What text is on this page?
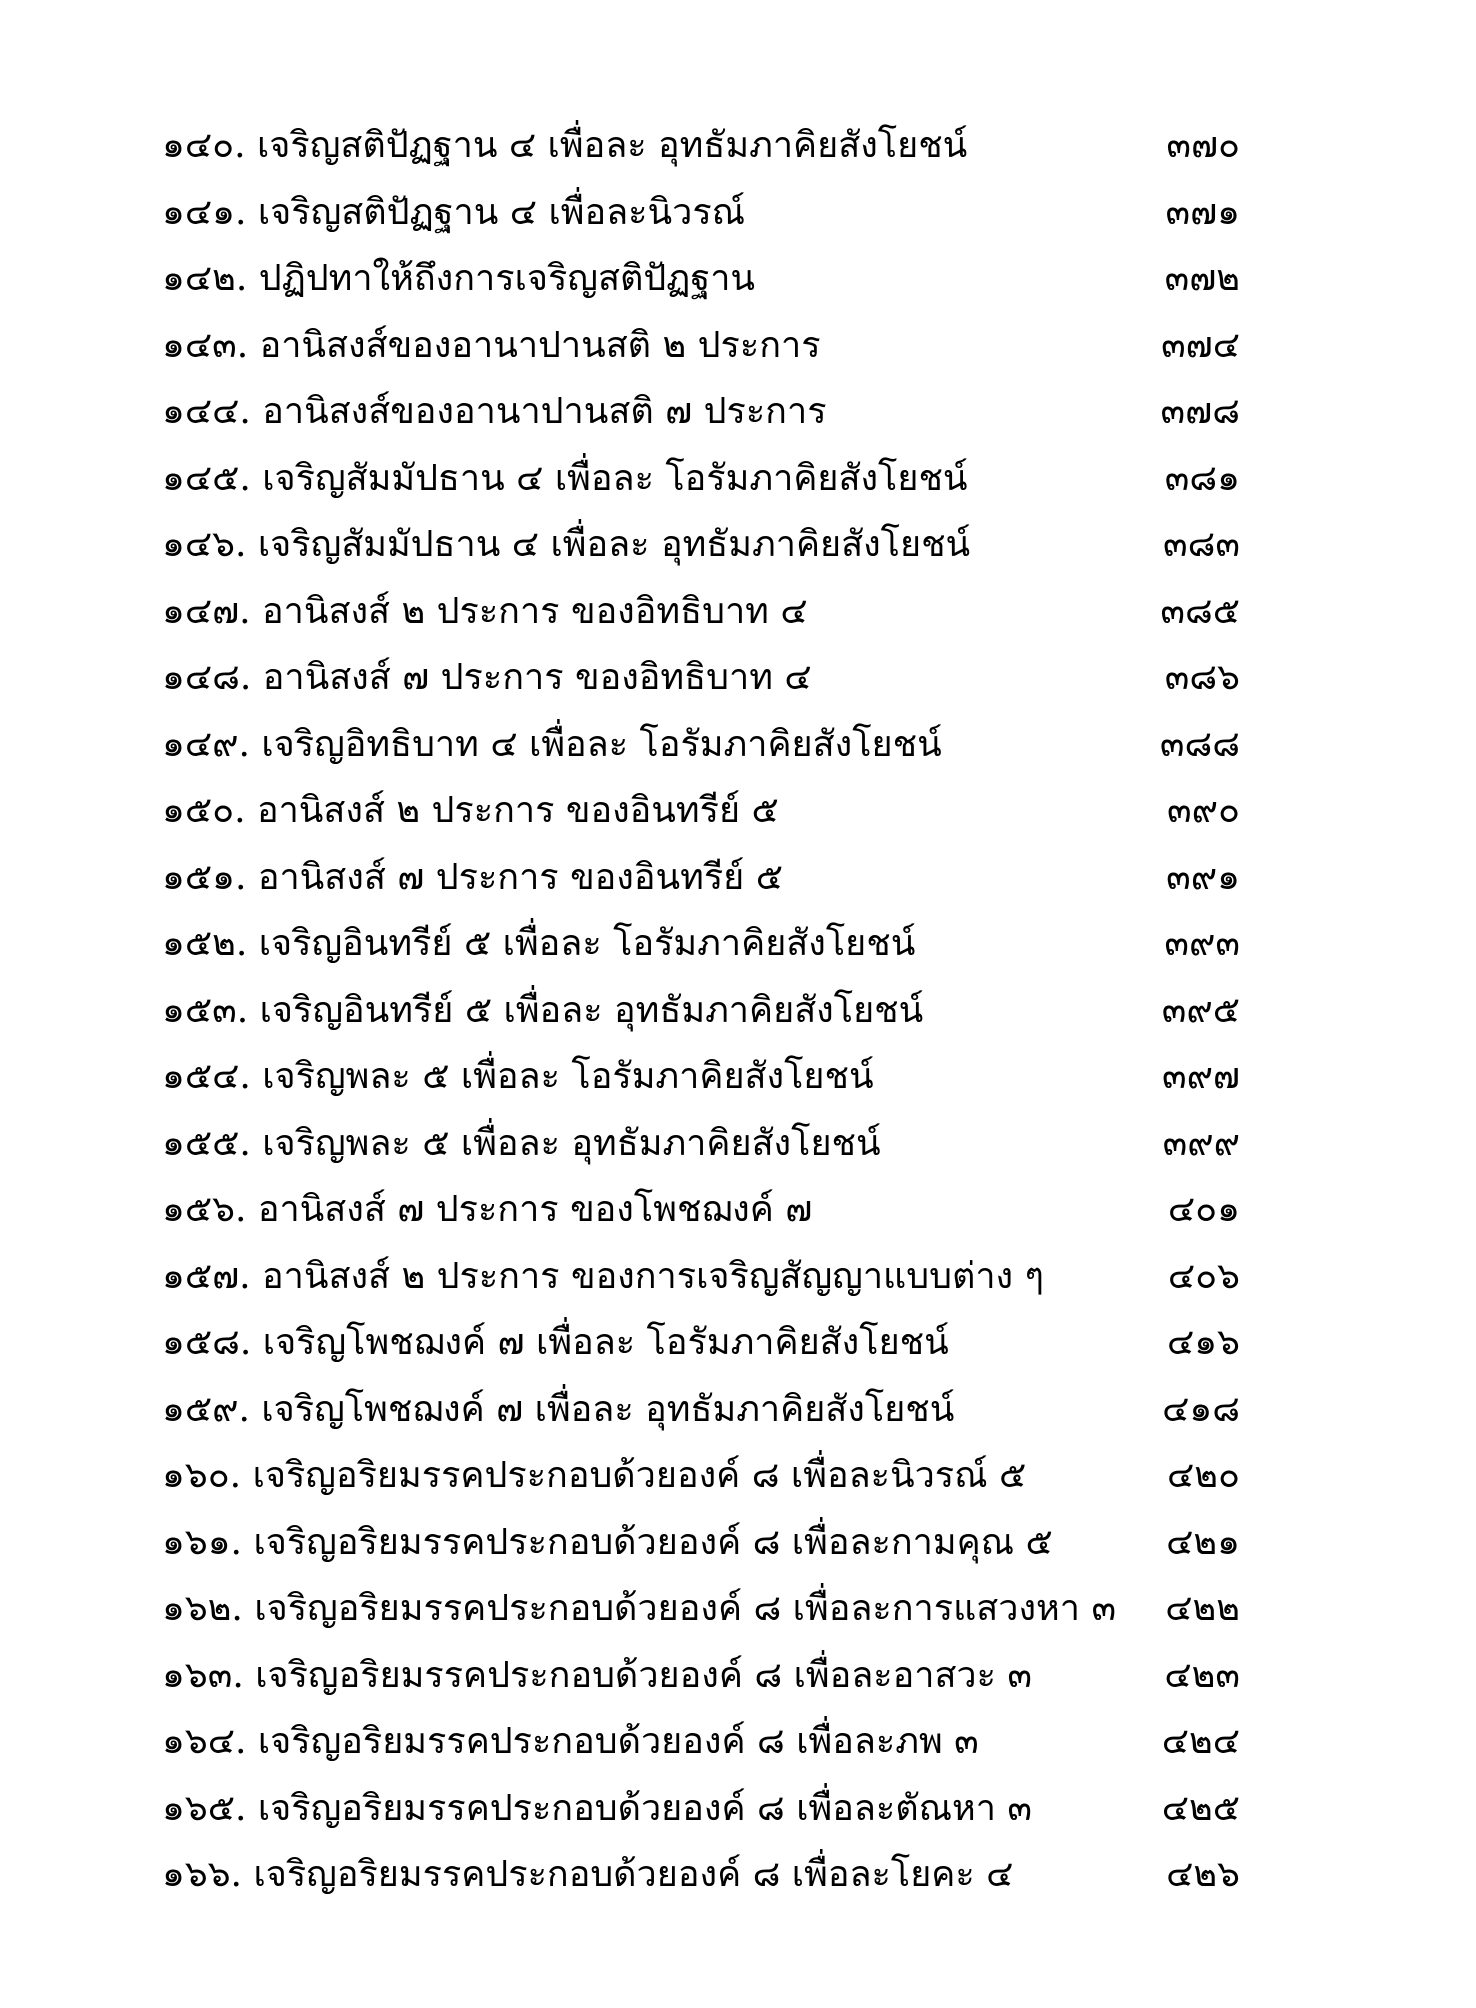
๑๔๐. เจริญสติปัฏฐาน ๔ เพื่อละ อุทธัมภาคิยสังโยชน์	๓๗๐
๑๔๑. เจริญสติปัฏฐาน ๔ เพื่อละนิวรณ์	๓๗๑
๑๔๒. ปฏิปทาให้ถึงการเจริญสติปัฏฐาน	๓๗๒
๑๔๓. อานิสงส์ของอานาปานสติ ๒ ประการ	๓๗๔
๑๔๔. อานิสงส์ของอานาปานสติ ๗ ประการ	๓๗๘
๑๔๕. เจริญสัมมัปธาน ๔ เพื่อละ โอรัมภาคิยสังโยชน์	๓๘๑
๑๔๖. เจริญสัมมัปธาน ๔ เพื่อละ อุทธัมภาคิยสังโยชน์	๓๘๓
๑๔๗. อานิสงส์ ๒ ประการ ของอิทธิบาท ๔	๓๘๕
๑๔๘. อานิสงส์ ๗ ประการ ของอิทธิบาท ๔	๓๘๖
๑๔๙. เจริญอิทธิบาท ๔ เพื่อละ โอรัมภาคิยสังโยชน์	๓๘๘
๑๕๐. อานิสงส์ ๒ ประการ ของอินทรีย์ ๕	๓๙๐
๑๕๑. อานิสงส์ ๗ ประการ ของอินทรีย์ ๕	๓๙๑
๑๕๒. เจริญอินทรีย์ ๕ เพื่อละ โอรัมภาคิยสังโยชน์	๓๙๓
๑๕๓. เจริญอินทรีย์ ๕ เพื่อละ อุทธัมภาคิยสังโยชน์	๓๙๕
๑๕๔. เจริญพละ ๕ เพื่อละ โอรัมภาคิยสังโยชน์	๓๙๗
๑๕๕. เจริญพละ ๕ เพื่อละ อุทธัมภาคิยสังโยชน์	๓๙๙
๑๕๖. อานิสงส์ ๗ ประการ ของโพชฌงค์ ๗	๔๐๑
๑๕๗. อานิสงส์ ๒ ประการ ของการเจริญสัญญาแบบต่าง ๆ	๔๐๖
๑๕๘. เจริญโพชฌงค์ ๗ เพื่อละ โอรัมภาคิยสังโยชน์	๔๑๖
๑๕๙. เจริญโพชฌงค์ ๗ เพื่อละ อุทธัมภาคิยสังโยชน์	๔๑๘
๑๖๐. เจริญอริยมรรคประกอบด้วยองค์ ๘ เพื่อละนิวรณ์ ๕	๔๒๐
๑๖๑. เจริญอริยมรรคประกอบด้วยองค์ ๘ เพื่อละกามคุณ ๕	๔๒๑
๑๖๒. เจริญอริยมรรคประกอบด้วยองค์ ๘ เพื่อละการแสวงหา ๓	๔๒๒
๑๖๓. เจริญอริยมรรคประกอบด้วยองค์ ๘ เพื่อละอาสวะ ๓	๔๒๓
๑๖๔. เจริญอริยมรรคประกอบด้วยองค์ ๘ เพื่อละภพ ๓	๔๒๔
๑๖๕. เจริญอริยมรรคประกอบด้วยองค์ ๘ เพื่อละตัณหา ๓	๔๒๕
๑๖๖. เจริญอริยมรรคประกอบด้วยองค์ ๘ เพื่อละโยคะ ๔	๔๒๖
